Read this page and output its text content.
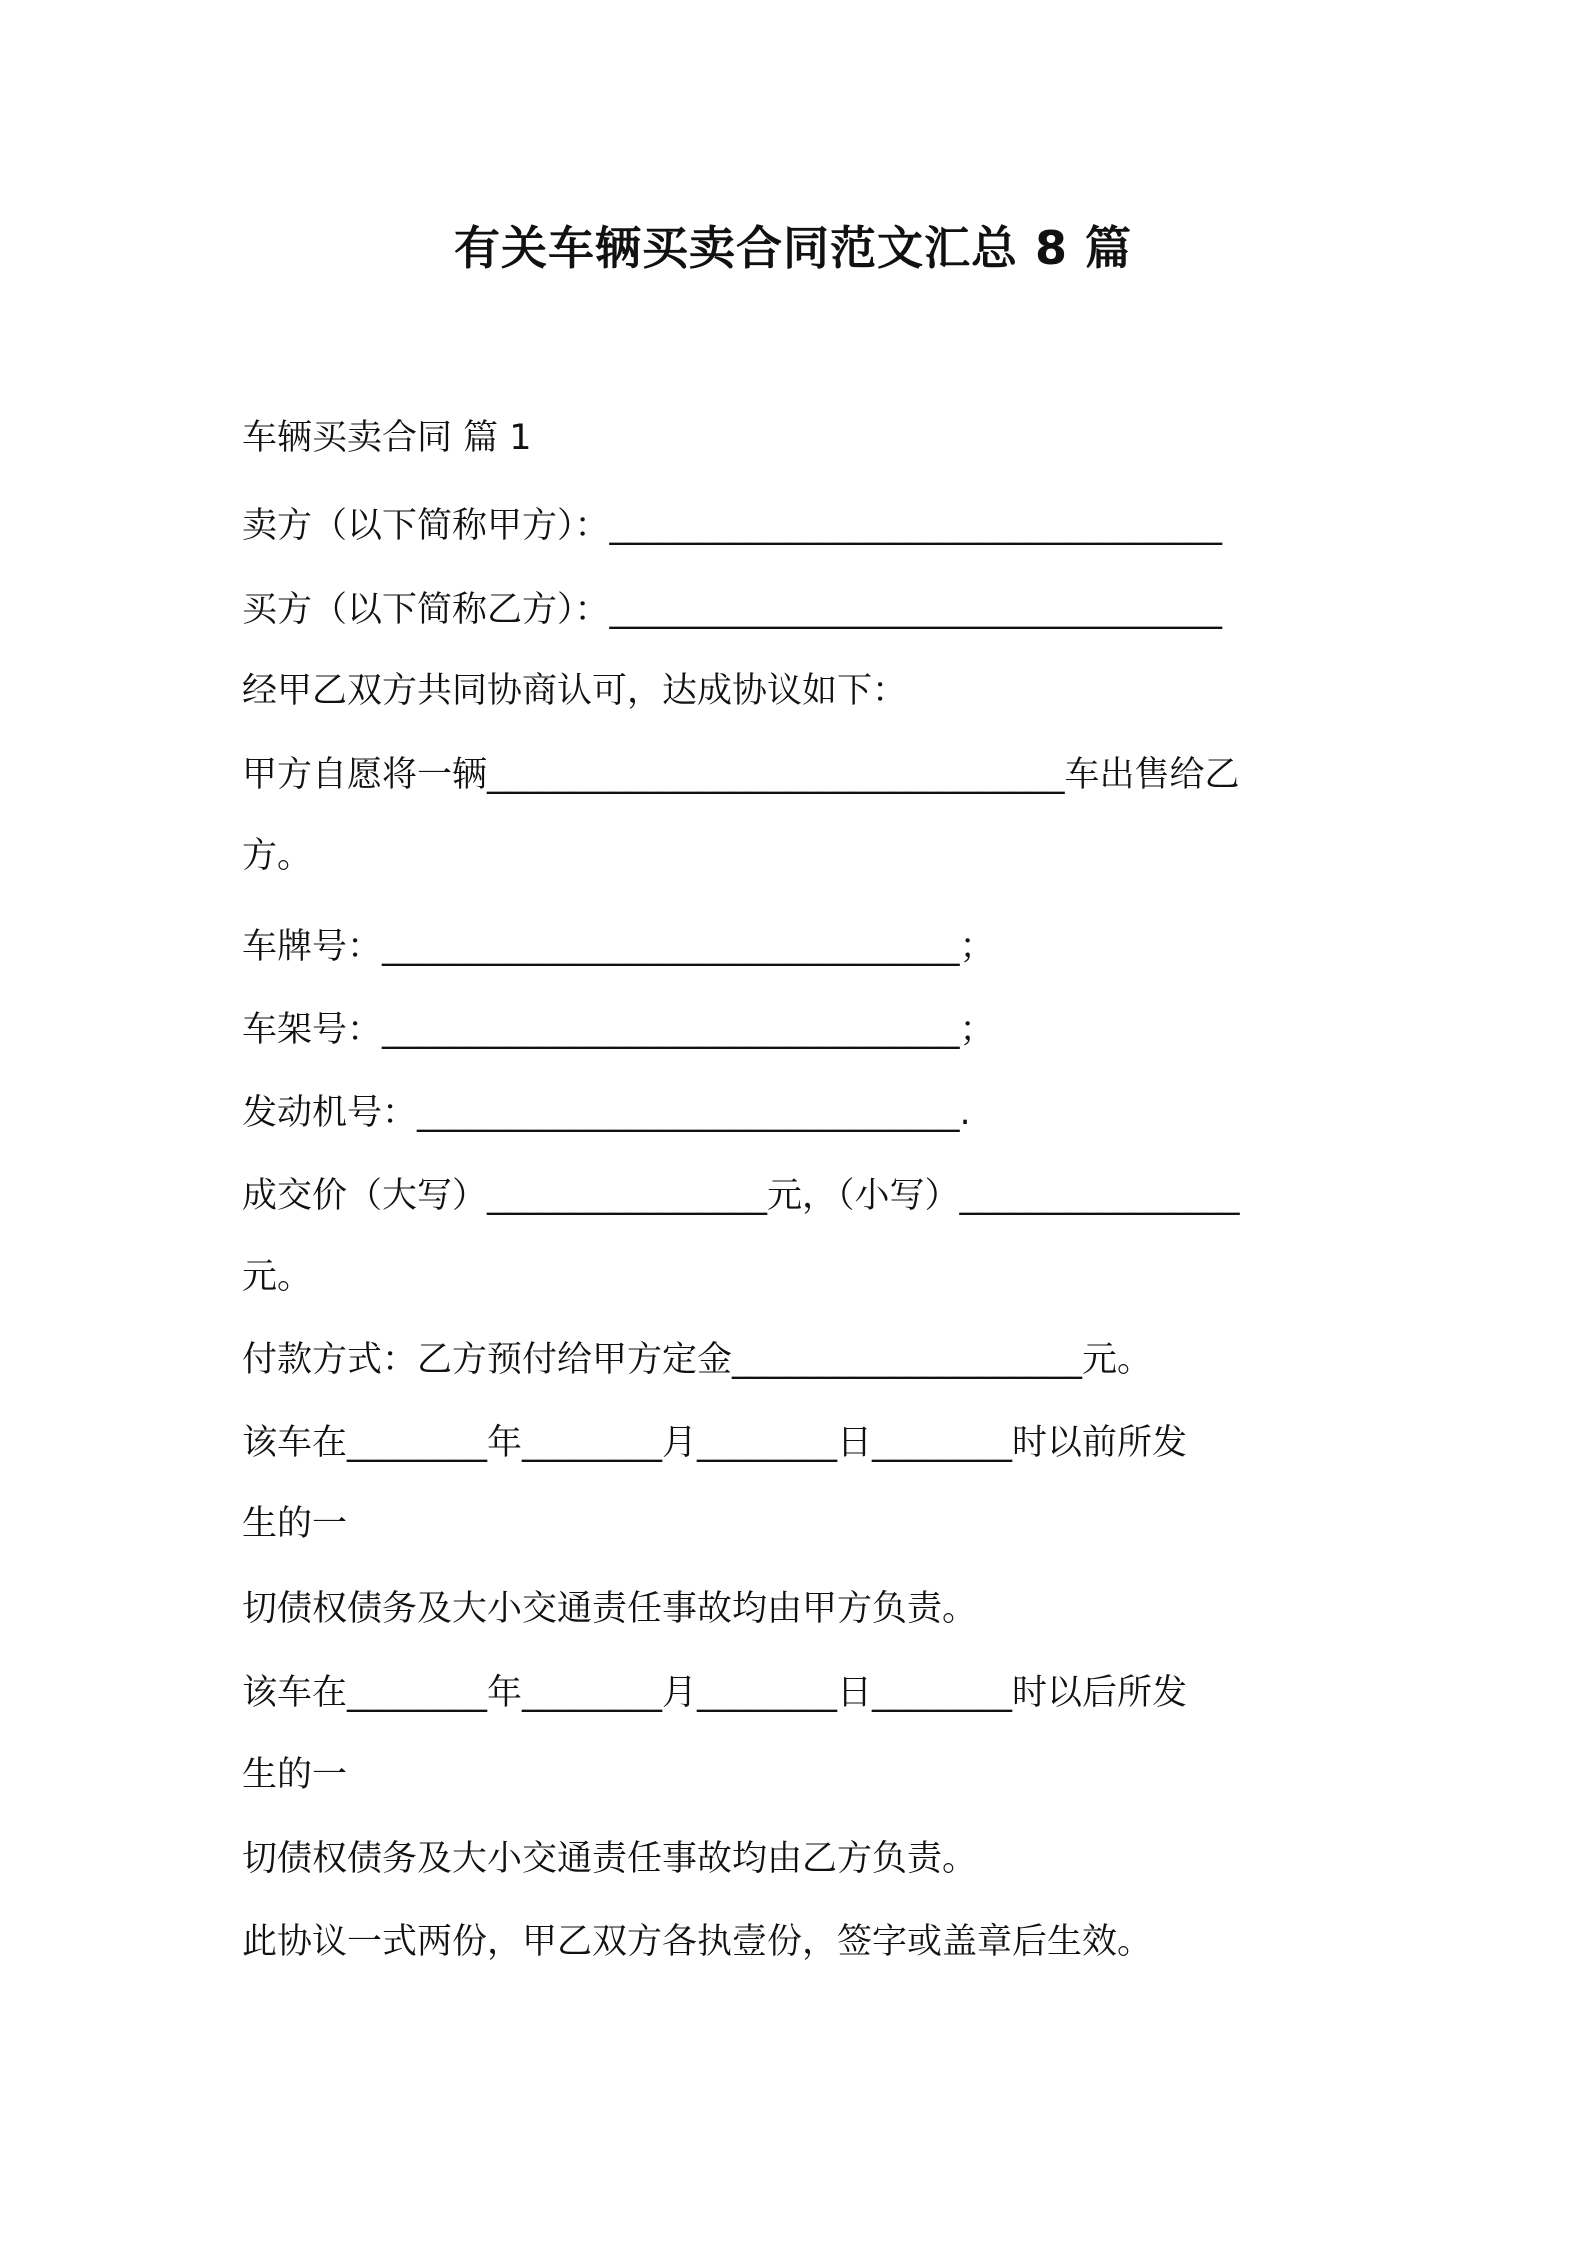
有关车辆买卖合同范文汇总 8 篇

车辆买卖合同 篇 1

卖方（以下简称甲方）：___________________________________

买方（以下简称乙方）：___________________________________

经甲乙双方共同协商认可，达成协议如下：

甲方自愿将一辆_________________________________车出售给乙

方。

车牌号：_________________________________；

车架号：_________________________________；

发动机号：_______________________________.

成交价（大写）________________元，（小写）________________

元。

付款方式：乙方预付给甲方定金____________________元。

该车在________年________月________日________时以前所发

生的一

切债权债务及大小交通责任事故均由甲方负责。

该车在________年________月________日________时以后所发

生的一

切债权债务及大小交通责任事故均由乙方负责。

此协议一式两份，甲乙双方各执壹份，签字或盖章后生效。
